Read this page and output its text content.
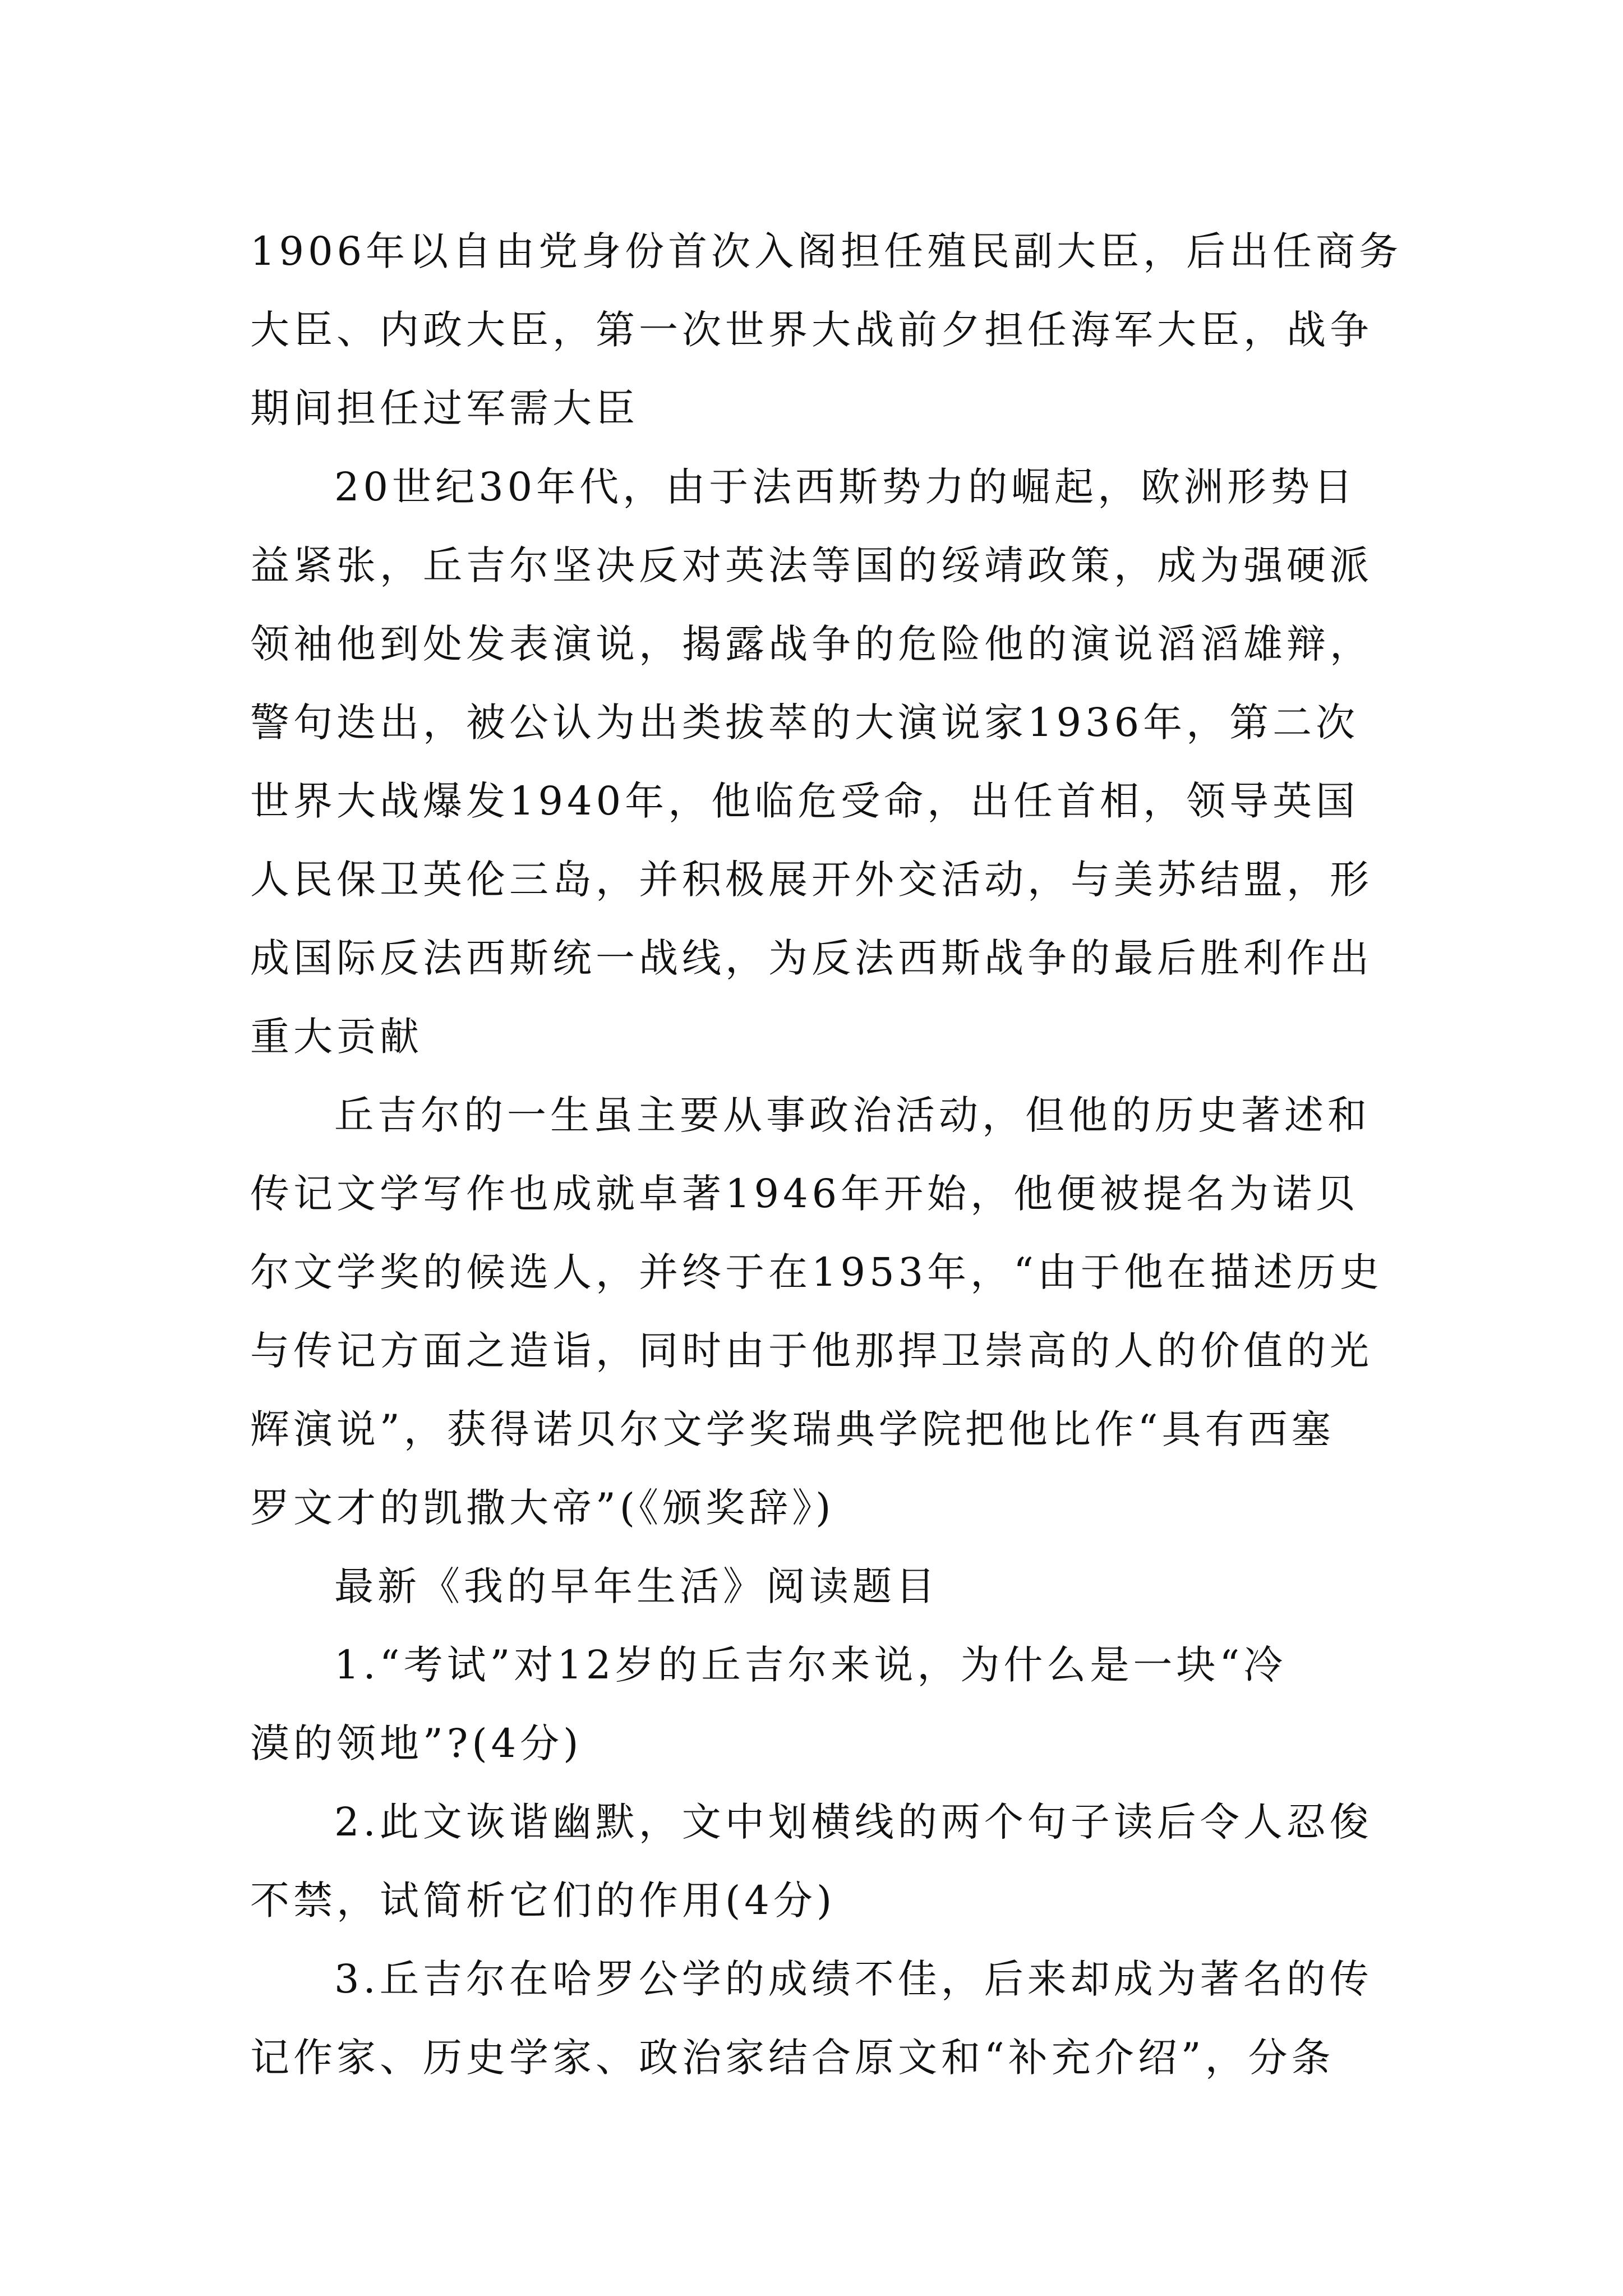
1906年以自由党身份首次入阁担任殖民副大臣，后出任商务
大臣、内政大臣，第一次世界大战前夕担任海军大臣，战争
期间担任过军需大臣
20世纪30年代，由于法西斯势力的崛起，欧洲形势日
益紧张，丘吉尔坚决反对英法等国的绥靖政策，成为强硬派
领袖他到处发表演说，揭露战争的危险他的演说滔滔雄辩，
警句迭出，被公认为出类拔萃的大演说家1936年，第二次
世界大战爆发1940年，他临危受命，出任首相，领导英国
人民保卫英伦三岛，并积极展开外交活动，与美苏结盟，形
成国际反法西斯统一战线，为反法西斯战争的最后胜利作出
重大贡献
丘吉尔的一生虽主要从事政治活动，但他的历史著述和
传记文学写作也成就卓著1946年开始，他便被提名为诺贝
尔文学奖的候选人，并终于在1953年，“由于他在描述历史
与传记方面之造诣，同时由于他那捍卫崇高的人的价值的光
辉演说”，获得诺贝尔文学奖瑞典学院把他比作“具有西塞
罗文才的凯撒大帝”(《颁奖辞》)
最新《我的早年生活》阅读题目
1.“考试”对12岁的丘吉尔来说，为什么是一块“冷
漠的领地”?(4分)
2.此文诙谐幽默，文中划横线的两个句子读后令人忍俊
不禁，试简析它们的作用(4分)
3.丘吉尔在哈罗公学的成绩不佳，后来却成为著名的传
记作家、历史学家、政治家结合原文和“补充介绍”，分条
